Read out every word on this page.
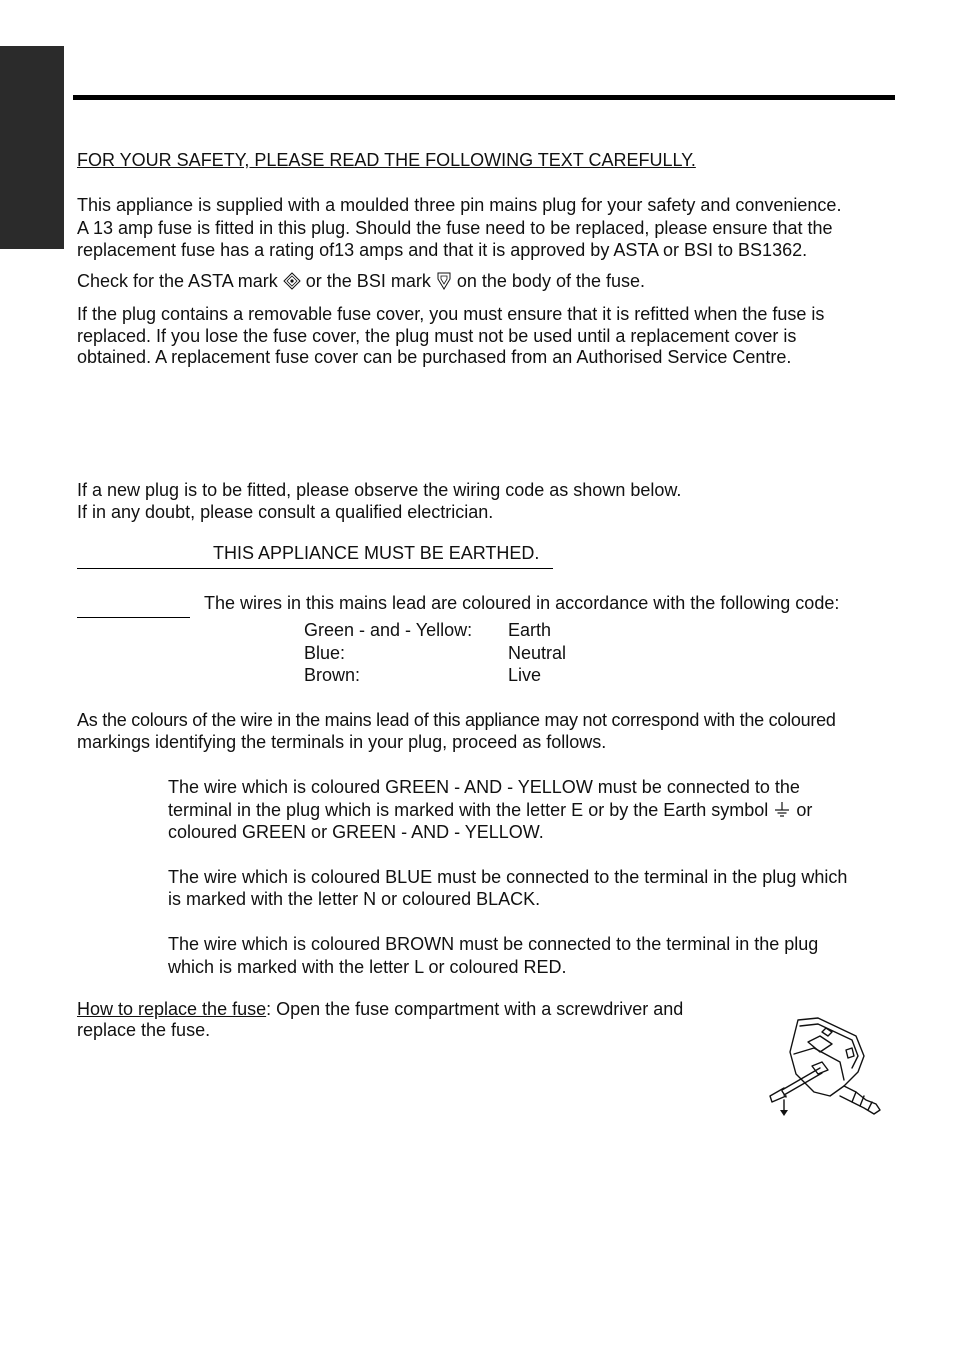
FOR YOUR SAFETY, PLEASE READ THE FOLLOWING TEXT CAREFULLY.

This appliance is supplied with a moulded three pin mains plug for your safety and convenience.

A 13 amp fuse is fitted in this plug. Should the fuse need to be replaced, please ensure that the

replacement fuse has a rating of13 amps and that it is approved by ASTA or BSI to BS1362.

Check for the ASTA mark or the BSI mark on the body of the fuse.

If the plug contains a removable fuse cover, you must ensure that it is refitted when the fuse is

replaced. If you lose the fuse cover, the plug must not be used until a replacement cover is

obtained. A replacement fuse cover can be purchased from an Authorised Service Centre.

If a new plug is to be fitted, please observe the wiring code as shown below.

If in any doubt, please consult a qualified electrician.

THIS APPLIANCE MUST BE EARTHED.

The wires in this mains lead are coloured in accordance with the following code:

Green - and - Yellow:	Earth
Blue:	Neutral
Brown:	Live

As the colours of the wire in the mains lead of this appliance may not correspond with the coloured

markings identifying the terminals in your plug, proceed as follows.

The wire which is coloured GREEN - AND - YELLOW must be connected to the

terminal in the plug which is marked with the letter E or by the Earth symbol or

coloured GREEN or GREEN - AND - YELLOW.

The wire which is coloured BLUE must be connected to the terminal in the plug which

is marked with the letter N or coloured BLACK.

The wire which is coloured BROWN must be connected to the terminal in the plug

which is marked with the letter L or coloured RED.

How to replace the fuse: Open the fuse compartment with a screwdriver and

replace the fuse.
